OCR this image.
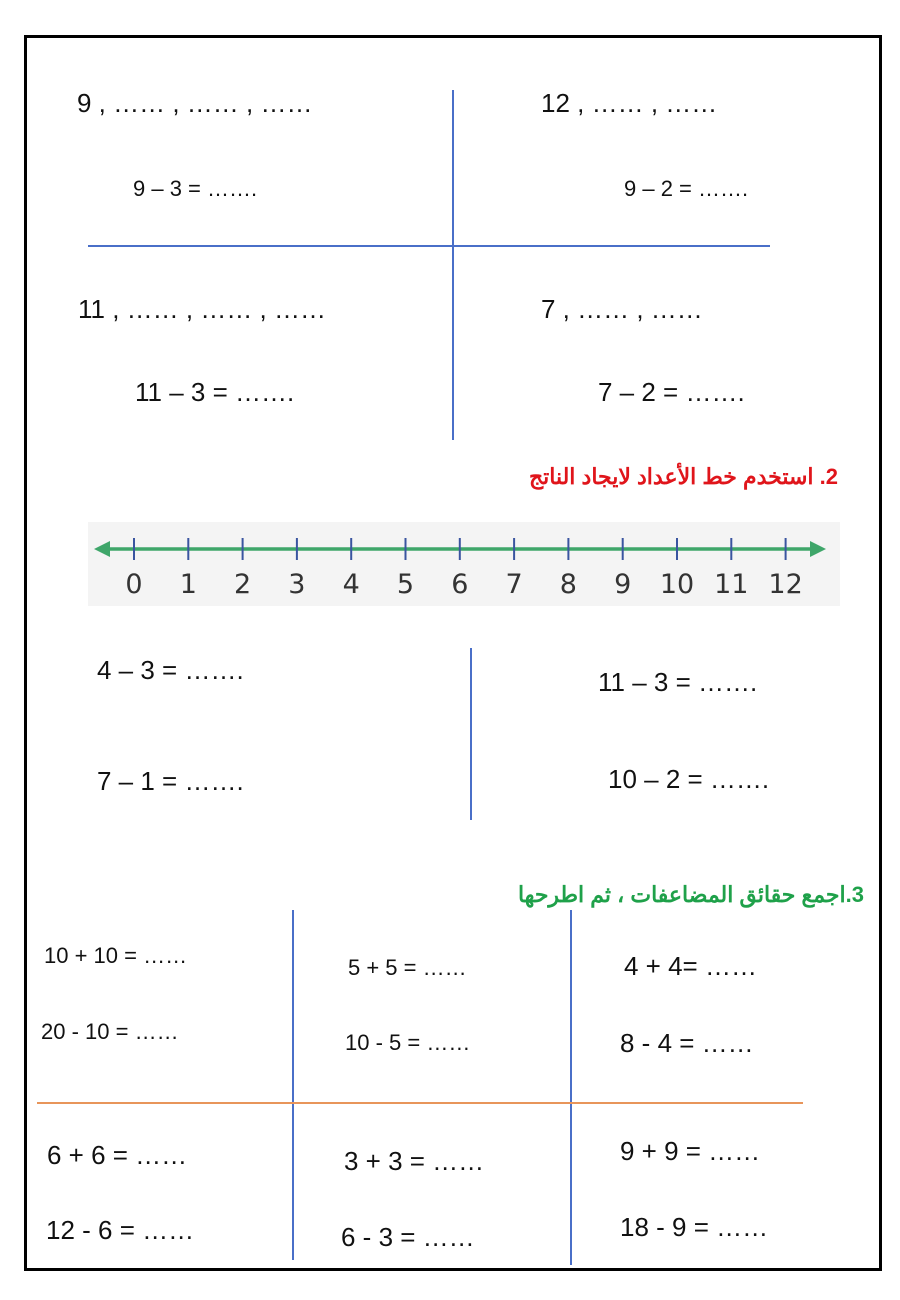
9 , …… , …… , ……
9 – 3 = …….
12 , …… , ……
9 – 2 = …….
11 , …… , …… , ……
11 – 3 = …….
7 , …… , ……
7 – 2 = …….
2. استخدم خط الأعداد لايجاد الناتج
0 1 2 3 4 5 6 7 8 9 10 11 12
4 – 3 = …….
7 – 1 = …….
11 – 3 = …….
10 – 2 = …….
3.اجمع حقائق المضاعفات ، ثم اطرحها
10 + 10 = ……
20 - 10 = ……
5 + 5 = ……
10 - 5 = ……
4 + 4= ……
8 - 4 = ……
6 + 6 = ……
12 - 6 = ……
3 + 3 = ……
6 - 3 = ……
9 + 9 = ……
18 - 9 = ……
